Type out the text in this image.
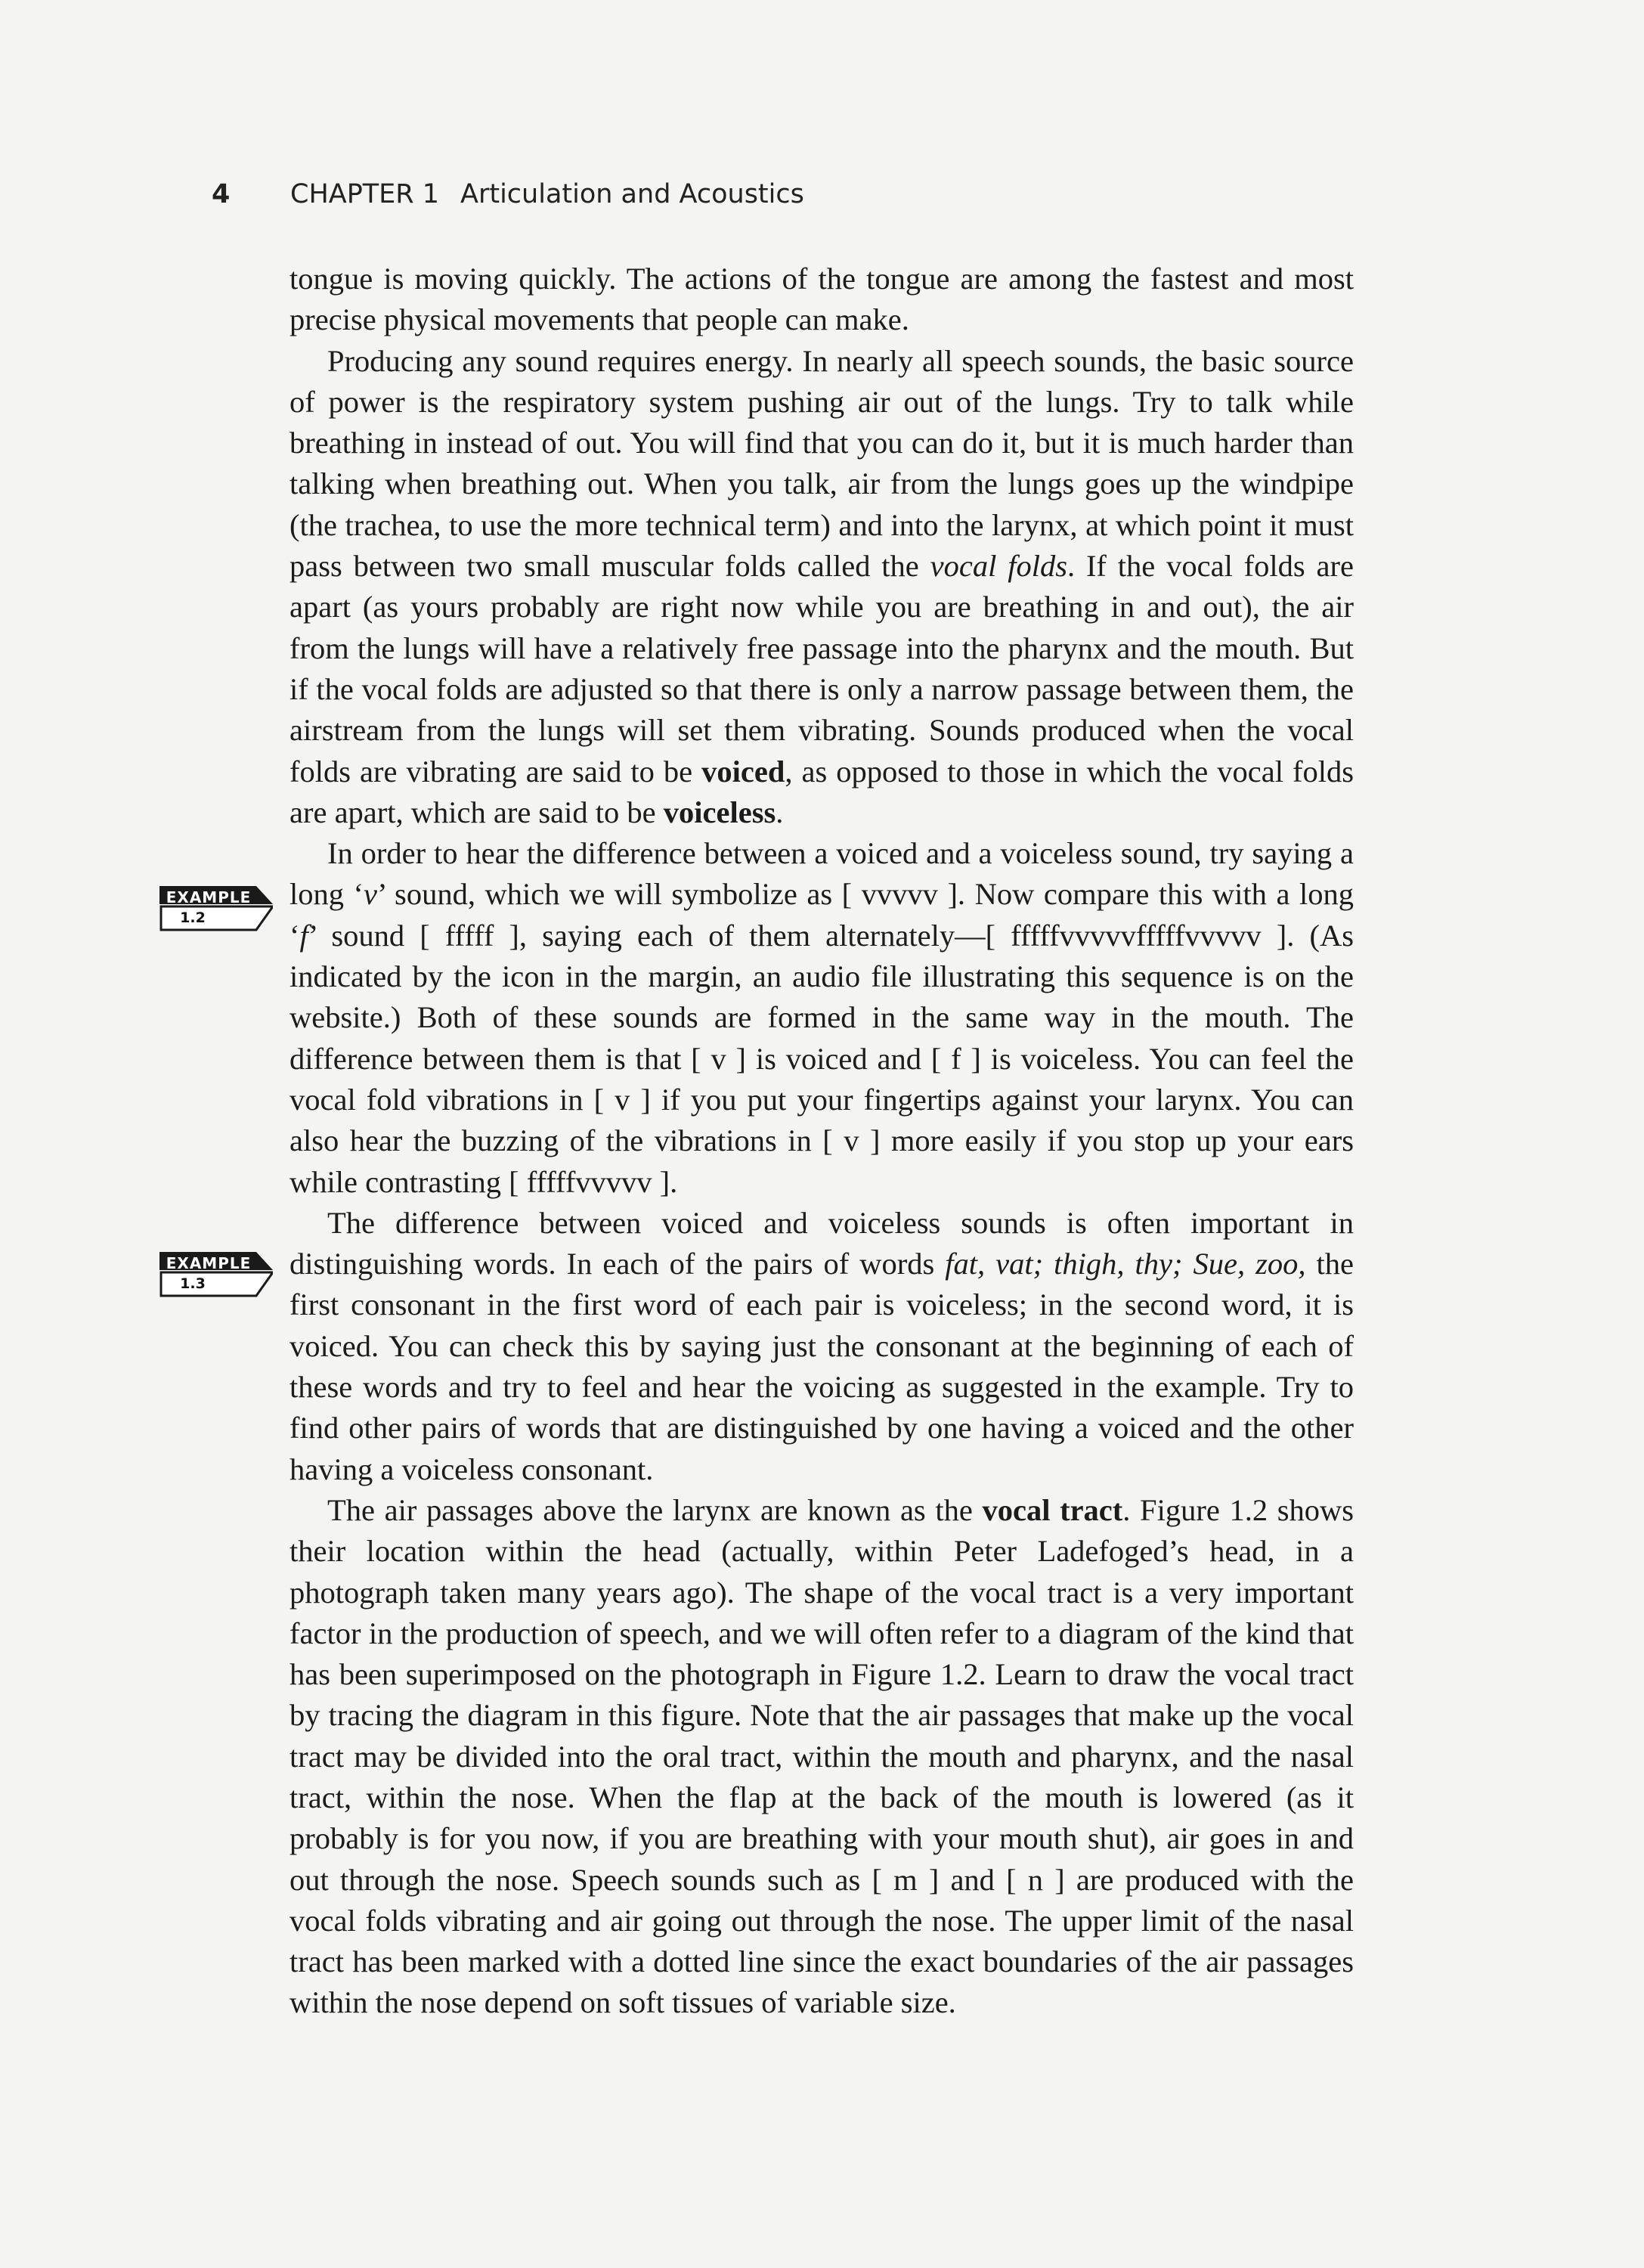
4	CHAPTER 1 Articulation and Acoustics
EXAMPLE
1.2
EXAMPLE
1.3

tongue is moving quickly. The actions of the tongue are among the fastest and most precise physical movements that people can make.

Producing any sound requires energy. In nearly all speech sounds, the basic source of power is the respiratory system pushing air out of the lungs. Try to talk while breathing in instead of out. You will find that you can do it, but it is much harder than talking when breathing out. When you talk, air from the lungs goes up the windpipe (the trachea, to use the more technical term) and into the larynx, at which point it must pass between two small muscular folds called the vocal folds. If the vocal folds are apart (as yours probably are right now while you are breathing in and out), the air from the lungs will have a relatively free passage into the pharynx and the mouth. But if the vocal folds are adjusted so that there is only a narrow passage between them, the airstream from the lungs will set them vibrating. Sounds produced when the vocal folds are vibrating are said to be voiced, as opposed to those in which the vocal folds are apart, which are said to be voiceless.

In order to hear the difference between a voiced and a voiceless sound, try saying a long ‘v’ sound, which we will symbolize as [ vvvvv ]. Now compare this with a long ‘f’ sound [ fffff ], saying each of them alternately—[ fffffvvvvvfffffvvvvv ]. (As indicated by the icon in the margin, an audio file illustrating this sequence is on the website.) Both of these sounds are formed in the same way in the mouth. The difference between them is that [ v ] is voiced and [ f ] is voiceless. You can feel the vocal fold vibrations in [ v ] if you put your fingertips against your larynx. You can also hear the buzzing of the vibrations in [ v ] more easily if you stop up your ears while contrasting [ fffffvvvvv ].

The difference between voiced and voiceless sounds is often important in distinguishing words. In each of the pairs of words fat, vat; thigh, thy; Sue, zoo, the first consonant in the first word of each pair is voiceless; in the second word, it is voiced. You can check this by saying just the consonant at the beginning of each of these words and try to feel and hear the voicing as suggested in the example. Try to find other pairs of words that are distinguished by one having a voiced and the other having a voiceless consonant.

The air passages above the larynx are known as the vocal tract. Figure 1.2 shows their location within the head (actually, within Peter Ladefoged’s head, in a photograph taken many years ago). The shape of the vocal tract is a very important factor in the production of speech, and we will often refer to a diagram of the kind that has been superimposed on the photograph in Figure 1.2. Learn to draw the vocal tract by tracing the diagram in this figure. Note that the air passages that make up the vocal tract may be divided into the oral tract, within the mouth and pharynx, and the nasal tract, within the nose. When the flap at the back of the mouth is lowered (as it probably is for you now, if you are breathing with your mouth shut), air goes in and out through the nose. Speech sounds such as [ m ] and [ n ] are produced with the vocal folds vibrating and air going out through the nose. The upper limit of the nasal tract has been marked with a dotted line since the exact boundaries of the air passages within the nose depend on soft tissues of variable size.
